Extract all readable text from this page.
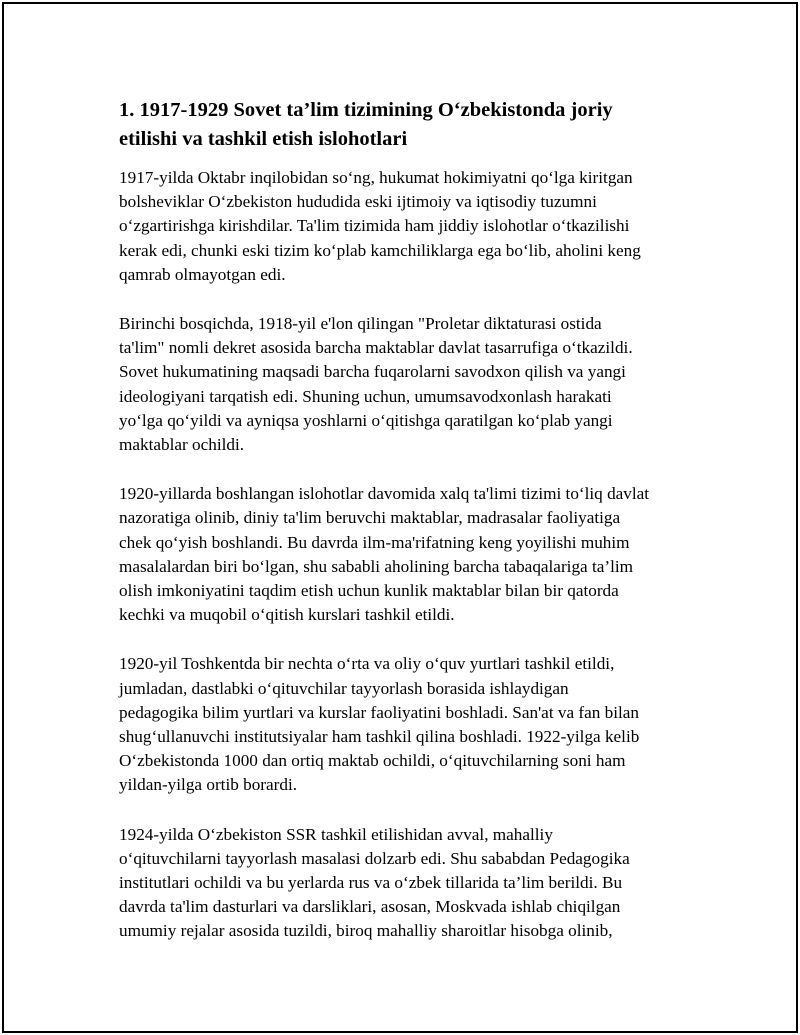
1. 1917-1929 Sovet ta’lim tizimining O‘zbekistonda joriy
etilishi va tashkil etish islohotlari

1917-yilda Oktabr inqilobidan so‘ng, hukumat hokimiyatni qo‘lga kiritgan
bolsheviklar O‘zbekiston hududida eski ijtimoiy va iqtisodiy tuzumni
o‘zgartirishga kirishdilar. Ta'lim tizimida ham jiddiy islohotlar o‘tkazilishi
kerak edi, chunki eski tizim ko‘plab kamchiliklarga ega bo‘lib, aholini keng
qamrab olmayotgan edi.

Birinchi bosqichda, 1918-yil e'lon qilingan "Proletar diktaturasi ostida
ta'lim" nomli dekret asosida barcha maktablar davlat tasarrufiga o‘tkazildi.
Sovet hukumatining maqsadi barcha fuqarolarni savodxon qilish va yangi
ideologiyani tarqatish edi. Shuning uchun, umumsavodxonlash harakati
yo‘lga qo‘yildi va ayniqsa yoshlarni o‘qitishga qaratilgan ko‘plab yangi
maktablar ochildi.

1920-yillarda boshlangan islohotlar davomida xalq ta'limi tizimi to‘liq davlat
nazoratiga olinib, diniy ta'lim beruvchi maktablar, madrasalar faoliyatiga
chek qo‘yish boshlandi. Bu davrda ilm-ma'rifatning keng yoyilishi muhim
masalalardan biri bo‘lgan, shu sababli aholining barcha tabaqalariga ta’lim
olish imkoniyatini taqdim etish uchun kunlik maktablar bilan bir qatorda
kechki va muqobil o‘qitish kurslari tashkil etildi.

1920-yil Toshkentda bir nechta o‘rta va oliy o‘quv yurtlari tashkil etildi,
jumladan, dastlabki o‘qituvchilar tayyorlash borasida ishlaydigan
pedagogika bilim yurtlari va kurslar faoliyatini boshladi. San'at va fan bilan
shug‘ullanuvchi institutsiyalar ham tashkil qilina boshladi. 1922-yilga kelib
O‘zbekistonda 1000 dan ortiq maktab ochildi, o‘qituvchilarning soni ham
yildan-yilga ortib borardi.

1924-yilda O‘zbekiston SSR tashkil etilishidan avval, mahalliy
o‘qituvchilarni tayyorlash masalasi dolzarb edi. Shu sababdan Pedagogika
institutlari ochildi va bu yerlarda rus va o‘zbek tillarida ta’lim berildi. Bu
davrda ta'lim dasturlari va darsliklari, asosan, Moskvada ishlab chiqilgan
umumiy rejalar asosida tuzildi, biroq mahalliy sharoitlar hisobga olinib,
